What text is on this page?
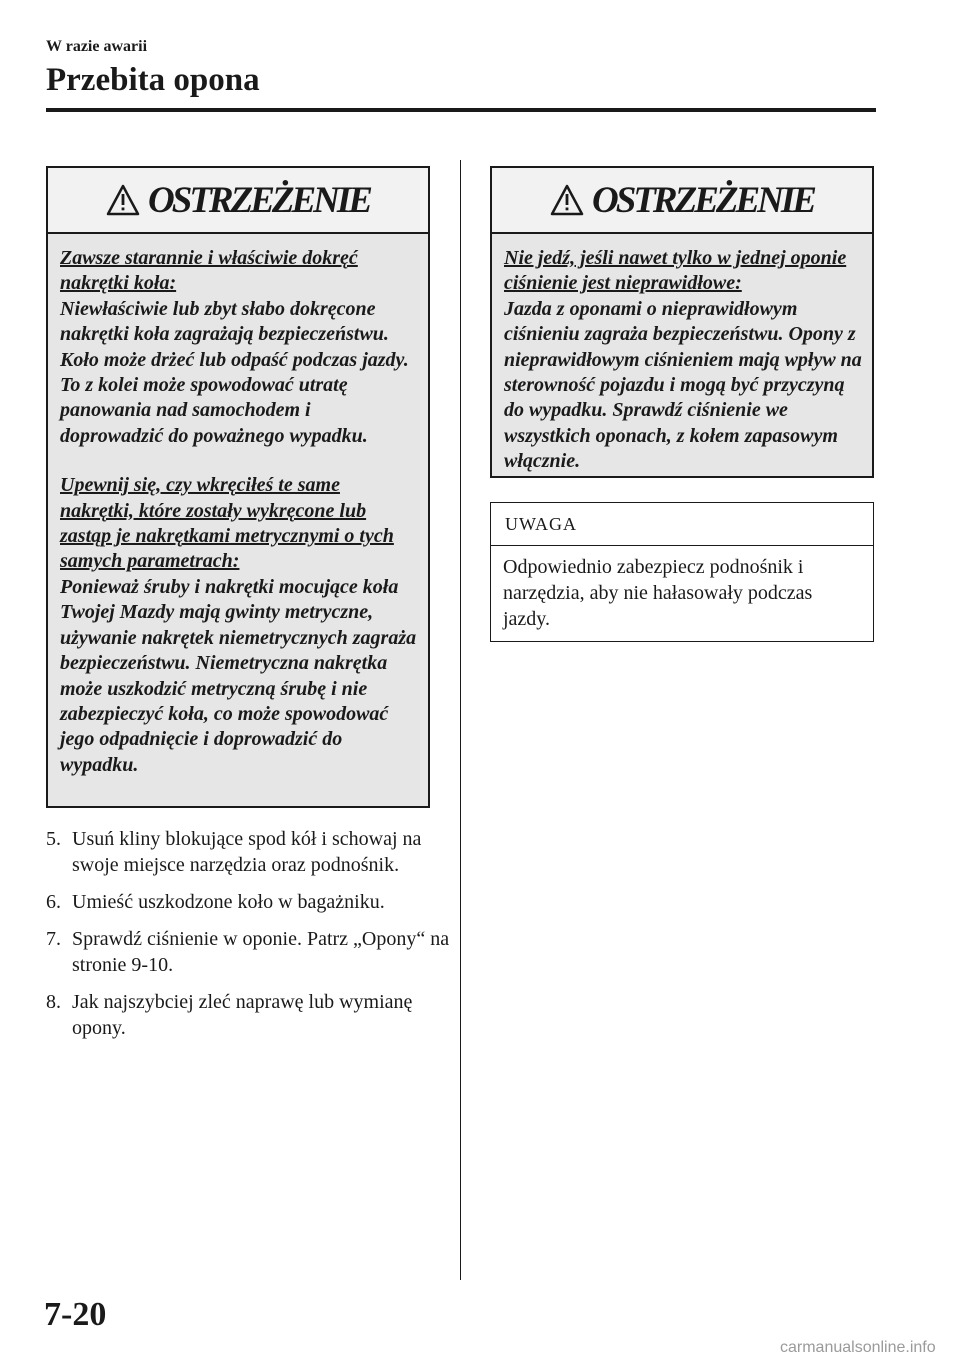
W razie awarii
Przebita opona
OSTRZEŻENIE

Zawsze starannie i właściwie dokręć nakrętki koła:

Niewłaściwie lub zbyt słabo dokręcone nakrętki koła zagrażają bezpieczeństwu. Koło może drżeć lub odpaść podczas jazdy. To z kolei może spowodować utratę panowania nad samochodem i doprowadzić do poważnego wypadku.

Upewnij się, czy wkręciłeś te same nakrętki, które zostały wykręcone lub zastąp je nakrętkami metrycznymi o tych samych parametrach:

Ponieważ śruby i nakrętki mocujące koła Twojej Mazdy mają gwinty metryczne, używanie nakrętek niemetrycznych zagraża bezpieczeństwu. Niemetryczna nakrętka może uszkodzić metryczną śrubę i nie zabezpieczyć koła, co może spowodować jego odpadnięcie i doprowadzić do wypadku.

OSTRZEŻENIE

Nie jedź, jeśli nawet tylko w jednej oponie ciśnienie jest nieprawidłowe:

Jazda z oponami o nieprawidłowym ciśnieniu zagraża bezpieczeństwu. Opony z nieprawidłowym ciśnieniem mają wpływ na sterowność pojazdu i mogą być przyczyną do wypadku. Sprawdź ciśnienie we wszystkich oponach, z kołem zapasowym włącznie.

UWAGA
Odpowiednio zabezpiecz podnośnik i narzędzia, aby nie hałasowały podczas jazdy.
5. Usuń kliny blokujące spod kół i schowaj na swoje miejsce narzędzia oraz podnośnik.
6. Umieść uszkodzone koło w bagażniku.
7. Sprawdź ciśnienie w oponie. Patrz „Opony“ na stronie 9-10.
8. Jak najszybciej zleć naprawę lub wymianę opony.
7-20
carmanualsonline.info
